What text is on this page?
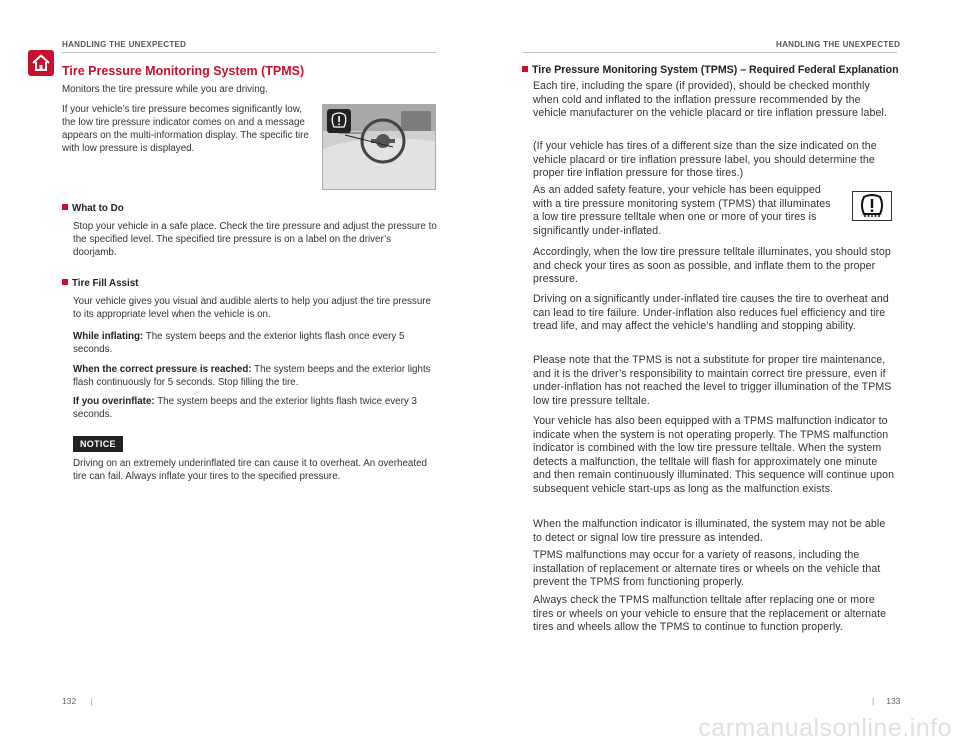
HANDLING THE UNEXPECTED
Tire Pressure Monitoring System (TPMS)
Monitors the tire pressure while you are driving.
If your vehicle’s tire pressure becomes significantly low, the low tire pressure indicator comes on and a message appears on the multi-information display. The specific tire with low pressure is displayed.
What to Do
Stop your vehicle in a safe place. Check the tire pressure and adjust the pressure to the specified level. The specified tire pressure is on a label on the driver’s doorjamb.
Tire Fill Assist
Your vehicle gives you visual and audible alerts to help you adjust the tire pressure to its appropriate level when the vehicle is on.
While inflating: The system beeps and the exterior lights flash once every 5 seconds.
When the correct pressure is reached: The system beeps and the exterior lights flash continuously for 5 seconds. Stop filling the tire.
If you overinflate: The system beeps and the exterior lights flash twice every 3 seconds.
NOTICE
Driving on an extremely underinflated tire can cause it to overheat. An overheated tire can fail. Always inflate your tires to the specified pressure.
132 |
HANDLING THE UNEXPECTED
Tire Pressure Monitoring System (TPMS) – Required Federal Explanation
Each tire, including the spare (if provided), should be checked monthly when cold and inflated to the inflation pressure recommended by the vehicle manufacturer on the vehicle placard or tire inflation pressure label.
(If your vehicle has tires of a different size than the size indicated on the vehicle placard or tire inflation pressure label, you should determine the proper tire inflation pressure for those tires.)
As an added safety feature, your vehicle has been equipped with a tire pressure monitoring system (TPMS) that illuminates a low tire pressure telltale when one or more of your tires is significantly under-inflated.
Accordingly, when the low tire pressure telltale illuminates, you should stop and check your tires as soon as possible, and inflate them to the proper pressure.
Driving on a significantly under-inflated tire causes the tire to overheat and can lead to tire failure. Under-inflation also reduces fuel efficiency and tire tread life, and may affect the vehicle’s handling and stopping ability.
Please note that the TPMS is not a substitute for proper tire maintenance, and it is the driver’s responsibility to maintain correct tire pressure, even if under-inflation has not reached the level to trigger illumination of the TPMS low tire pressure telltale.
Your vehicle has also been equipped with a TPMS malfunction indicator to indicate when the system is not operating properly. The TPMS malfunction indicator is combined with the low tire pressure telltale. When the system detects a malfunction, the telltale will flash for approximately one minute and then remain continuously illuminated. This sequence will continue upon subsequent vehicle start-ups as long as the malfunction exists.
When the malfunction indicator is illuminated, the system may not be able to detect or signal low tire pressure as intended.
TPMS malfunctions may occur for a variety of reasons, including the installation of replacement or alternate tires or wheels on the vehicle that prevent the TPMS from functioning properly.
Always check the TPMS malfunction telltale after replacing one or more tires or wheels on your vehicle to ensure that the replacement or alternate tires and wheels allow the TPMS to continue to function properly.
| 133
carmanualsonline.info
